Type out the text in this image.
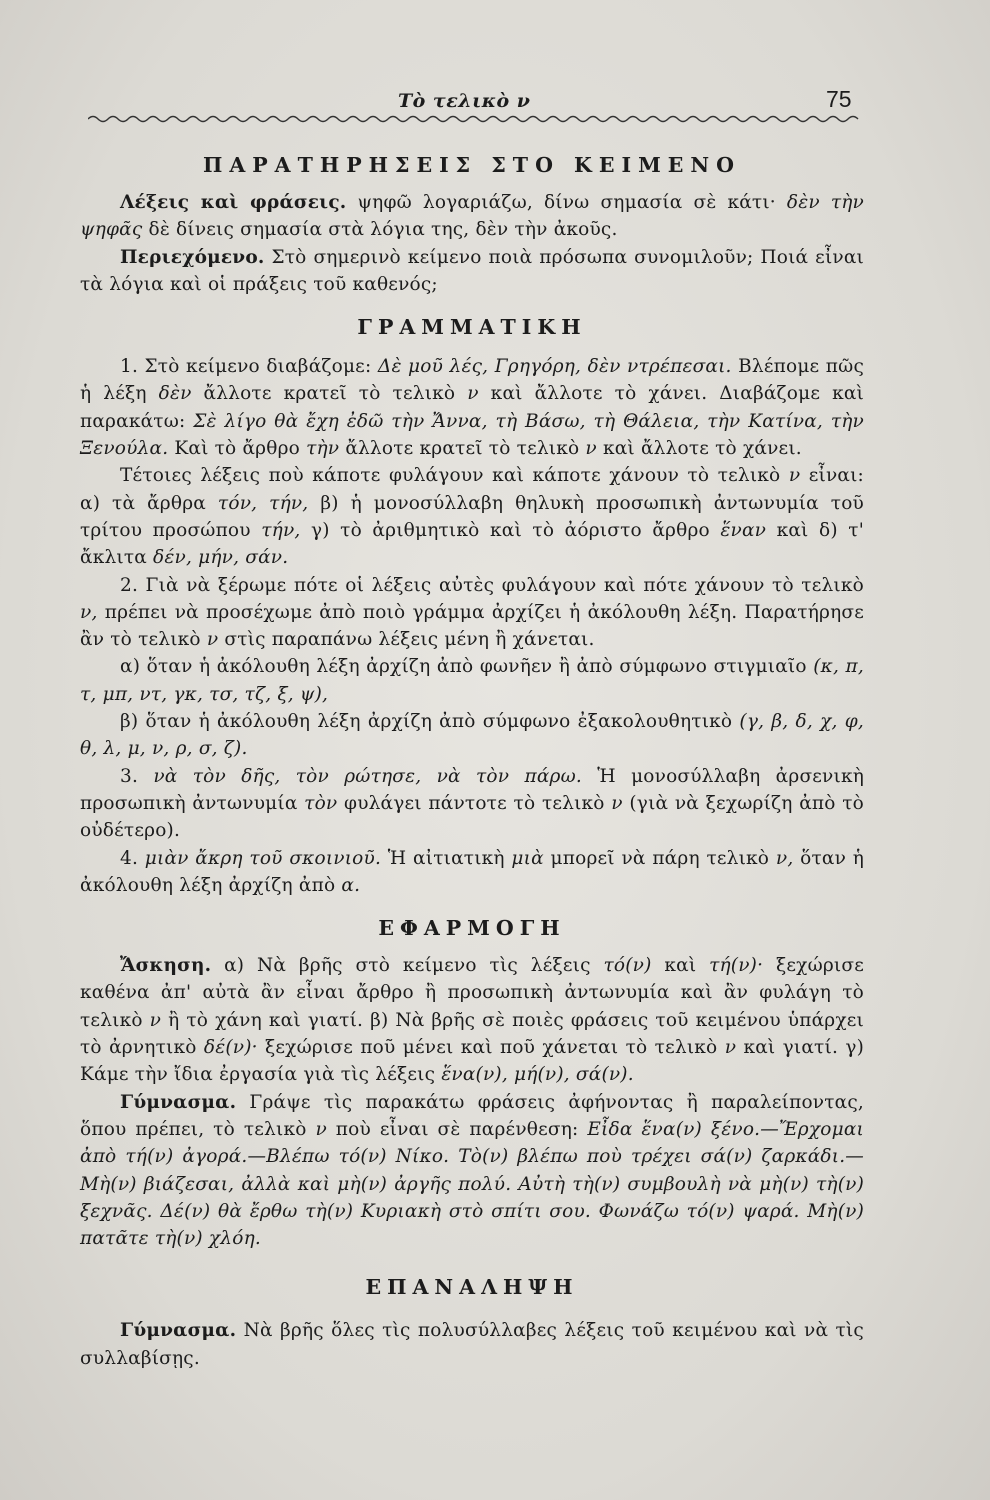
Τὸ τελικὸ ν	75
ΠΑΡΑΤΗΡΗΣΕΙΣ ΣΤΟ ΚΕΙΜΕΝΟ

Λέξεις καὶ φράσεις. ψηφῶ λογαριάζω, δίνω σημασία σὲ κάτι· δὲν τὴν ψηφᾶς δὲ δίνεις σημασία στὰ λόγια της, δὲν τὴν ἀκοῦς.

Περιεχόμενο. Στὸ σημερινὸ κείμενο ποιὰ πρόσωπα συνομιλοῦν; Ποιά εἶναι τὰ λόγια καὶ οἱ πράξεις τοῦ καθενός;

ΓΡΑΜΜΑΤΙΚΗ

1. Στὸ κείμενο διαβάζομε: Δὲ μοῦ λές, Γρηγόρη, δὲν ντρέπεσαι. Βλέπομε πῶς ἡ λέξη δὲν ἄλλοτε κρατεῖ τὸ τελικὸ ν καὶ ἄλλοτε τὸ χάνει. Διαβάζομε καὶ παρακάτω: Σὲ λίγο θὰ ἔχη ἐδῶ τὴν Ἄννα, τὴ Βάσω, τὴ Θάλεια, τὴν Κατίνα, τὴν Ξενούλα. Καὶ τὸ ἄρθρο τὴν ἄλλοτε κρατεῖ τὸ τελικὸ ν καὶ ἄλλοτε τὸ χάνει.

Τέτοιες λέξεις ποὺ κάποτε φυλάγουν καὶ κάποτε χάνουν τὸ τελικὸ ν εἶναι: α) τὰ ἄρθρα τόν, τήν, β) ἡ μονοσύλλαβη θηλυκὴ προσωπικὴ ἀντωνυμία τοῦ τρίτου προσώπου τήν, γ) τὸ ἀριθμητικὸ καὶ τὸ ἀόριστο ἄρθρο ἕναν καὶ δ) τ' ἄκλιτα δέν, μήν, σάν.

2. Γιὰ νὰ ξέρωμε πότε οἱ λέξεις αὐτὲς φυλάγουν καὶ πότε χάνουν τὸ τελικὸ ν, πρέπει νὰ προσέχωμε ἀπὸ ποιὸ γράμμα ἀρχίζει ἡ ἀκόλουθη λέξη. Παρατήρησε ἂν τὸ τελικὸ ν στὶς παραπάνω λέξεις μένη ἢ χάνεται.

α) ὅταν ἡ ἀκόλουθη λέξη ἀρχίζη ἀπὸ φωνῆεν ἢ ἀπὸ σύμφωνο στιγμιαῖο (κ, π, τ, μπ, ντ, γκ, τσ, τζ, ξ, ψ),

β) ὅταν ἡ ἀκόλουθη λέξη ἀρχίζη ἀπὸ σύμφωνο ἐξακολουθητικὸ (γ, β, δ, χ, φ, θ, λ, μ, ν, ρ, σ, ζ).

3. νὰ τὸν δῆς, τὸν ρώτησε, νὰ τὸν πάρω. Ἡ μονοσύλλαβη ἀρσενικὴ προσωπικὴ ἀντωνυμία τὸν φυλάγει πάντοτε τὸ τελικὸ ν (γιὰ νὰ ξεχωρίζη ἀπὸ τὸ οὐδέτερο).

4. μιὰν ἄκρη τοῦ σκοινιοῦ. Ἡ αἰτιατικὴ μιὰ μπορεῖ νὰ πάρη τελικὸ ν, ὅταν ἡ ἀκόλουθη λέξη ἀρχίζη ἀπὸ α.

ΕΦΑΡΜΟΓΗ

Ἄσκηση. α) Νὰ βρῆς στὸ κείμενο τὶς λέξεις τό(ν) καὶ τή(ν)· ξεχώρισε καθένα ἀπ' αὐτὰ ἂν εἶναι ἄρθρο ἢ προσωπικὴ ἀντωνυμία καὶ ἂν φυλάγη τὸ τελικὸ ν ἢ τὸ χάνη καὶ γιατί. β) Νὰ βρῆς σὲ ποιὲς φράσεις τοῦ κειμένου ὑπάρχει τὸ ἀρνητικὸ δέ(ν)· ξεχώρισε ποῦ μένει καὶ ποῦ χάνεται τὸ τελικὸ ν καὶ γιατί. γ) Κάμε τὴν ἴδια ἐργασία γιὰ τὶς λέξεις ἕνα(ν), μή(ν), σά(ν).

Γύμνασμα. Γράψε τὶς παρακάτω φράσεις ἀφήνοντας ἢ παραλείποντας, ὅπου πρέπει, τὸ τελικὸ ν ποὺ εἶναι σὲ παρένθεση: Εἶδα ἕνα(ν) ξένο.—Ἔρχομαι ἀπὸ τή(ν) ἀγορά.—Βλέπω τό(ν) Νίκο. Τὸ(ν) βλέπω ποὺ τρέχει σά(ν) ζαρκάδι.—Μὴ(ν) βιάζεσαι, ἀλλὰ καὶ μὴ(ν) ἀργῆς πολύ. Αὐτὴ τὴ(ν) συμβουλὴ νὰ μὴ(ν) τὴ(ν) ξεχνᾶς. Δέ(ν) θὰ ἔρθω τὴ(ν) Κυριακὴ στὸ σπίτι σου. Φωνάζω τό(ν) ψαρά. Μὴ(ν) πατᾶτε τὴ(ν) χλόη.

ΕΠΑΝΑΛΗΨΗ

Γύμνασμα. Νὰ βρῆς ὅλες τὶς πολυσύλλαβες λέξεις τοῦ κειμένου καὶ νὰ τὶς συλλαβίσῃς.
